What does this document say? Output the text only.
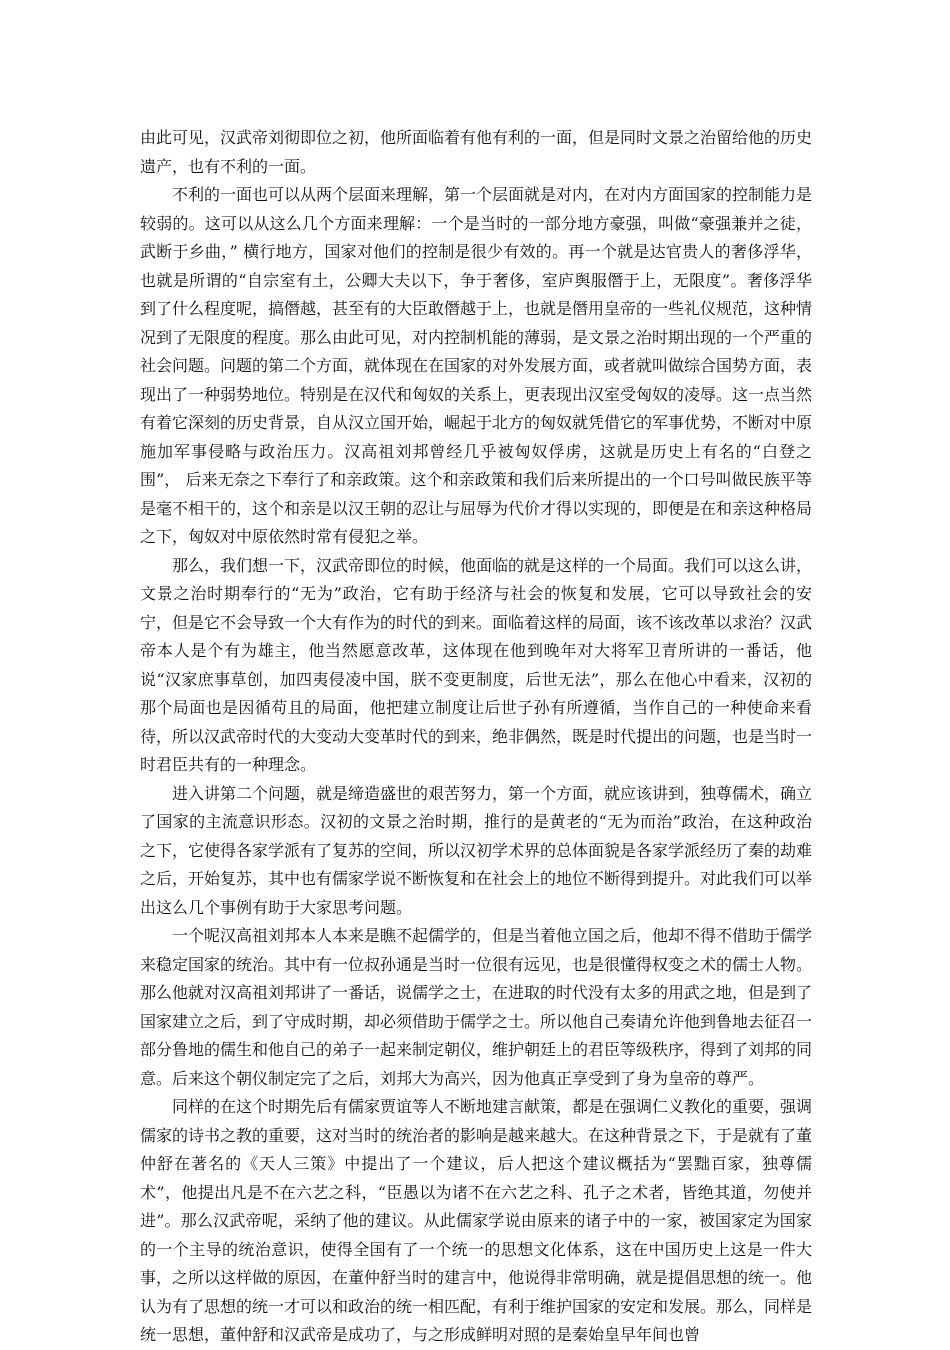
由此可见，汉武帝刘彻即位之初，他所面临着有他有利的一面，但是同时文景之治留给他的历史遗产，也有不利的一面。

不利的一面也可以从两个层面来理解，第一个层面就是对内，在对内方面国家的控制能力是较弱的。这可以从这么几个方面来理解：一个是当时的一部分地方豪强，叫做“豪强兼并之徒，武断于乡曲，” 横行地方，国家对他们的控制是很少有效的。再一个就是达官贵人的奢侈浮华，也就是所谓的“自宗室有土，公卿大夫以下，争于奢侈，室庐舆服僭于上，无限度”。奢侈浮华到了什么程度呢，搞僭越，甚至有的大臣敢僭越于上，也就是僭用皇帝的一些礼仪规范，这种情况到了无限度的程度。那么由此可见，对内控制机能的薄弱，是文景之治时期出现的一个严重的社会问题。问题的第二个方面，就体现在在国家的对外发展方面，或者就叫做综合国势方面，表现出了一种弱势地位。特别是在汉代和匈奴的关系上，更表现出汉室受匈奴的凌辱。这一点当然有着它深刻的历史背景，自从汉立国开始，崛起于北方的匈奴就凭借它的军事优势，不断对中原施加军事侵略与政治压力。汉高祖刘邦曾经几乎被匈奴俘虏，这就是历史上有名的“白登之围”， 后来无奈之下奉行了和亲政策。这个和亲政策和我们后来所提出的一个口号叫做民族平等是毫不相干的，这个和亲是以汉王朝的忍让与屈辱为代价才得以实现的，即便是在和亲这种格局之下，匈奴对中原依然时常有侵犯之举。

那么，我们想一下，汉武帝即位的时候，他面临的就是这样的一个局面。我们可以这么讲，文景之治时期奉行的“无为”政治，它有助于经济与社会的恢复和发展，它可以导致社会的安宁，但是它不会导致一个大有作为的时代的到来。面临着这样的局面，该不该改革以求治？汉武帝本人是个有为雄主，他当然愿意改革，这体现在他到晚年对大将军卫青所讲的一番话，他说“汉家庶事草创，加四夷侵凌中国，朕不变更制度，后世无法”，那么在他心中看来，汉初的那个局面也是因循苟且的局面，他把建立制度让后世子孙有所遵循，当作自己的一种使命来看待，所以汉武帝时代的大变动大变革时代的到来，绝非偶然，既是时代提出的问题，也是当时一时君臣共有的一种理念。

进入讲第二个问题，就是缔造盛世的艰苦努力，第一个方面，就应该讲到，独尊儒术，确立了国家的主流意识形态。汉初的文景之治时期，推行的是黄老的“无为而治”政治，在这种政治之下，它使得各家学派有了复苏的空间，所以汉初学术界的总体面貌是各家学派经历了秦的劫难之后，开始复苏，其中也有儒家学说不断恢复和在社会上的地位不断得到提升。对此我们可以举出这么几个事例有助于大家思考问题。

一个呢汉高祖刘邦本人本来是瞧不起儒学的，但是当着他立国之后，他却不得不借助于儒学来稳定国家的统治。其中有一位叔孙通是当时一位很有远见，也是很懂得权变之术的儒士人物。那么他就对汉高祖刘邦讲了一番话，说儒学之士，在进取的时代没有太多的用武之地，但是到了国家建立之后，到了守成时期，却必须借助于儒学之士。所以他自己奏请允许他到鲁地去征召一部分鲁地的儒生和他自己的弟子一起来制定朝仪，维护朝廷上的君臣等级秩序，得到了刘邦的同意。后来这个朝仪制定完了之后，刘邦大为高兴，因为他真正享受到了身为皇帝的尊严。

同样的在这个时期先后有儒家贾谊等人不断地建言献策，都是在强调仁义教化的重要，强调儒家的诗书之教的重要，这对当时的统治者的影响是越来越大。在这种背景之下，于是就有了董仲舒在著名的《天人三策》中提出了一个建议，后人把这个建议概括为“罢黜百家，独尊儒术”，他提出凡是不在六艺之科，“臣愚以为诸不在六艺之科、孔子之术者，皆绝其道，勿使并进”。那么汉武帝呢，采纳了他的建议。从此儒家学说由原来的诸子中的一家，被国家定为国家的一个主导的统治意识，使得全国有了一个统一的思想文化体系，这在中国历史上这是一件大事，之所以这样做的原因，在董仲舒当时的建言中，他说得非常明确，就是提倡思想的统一。他认为有了思想的统一才可以和政治的统一相匹配，有利于维护国家的安定和发展。那么，同样是统一思想，董仲舒和汉武帝是成功了，与之形成鲜明对照的是秦始皇早年间也曾
